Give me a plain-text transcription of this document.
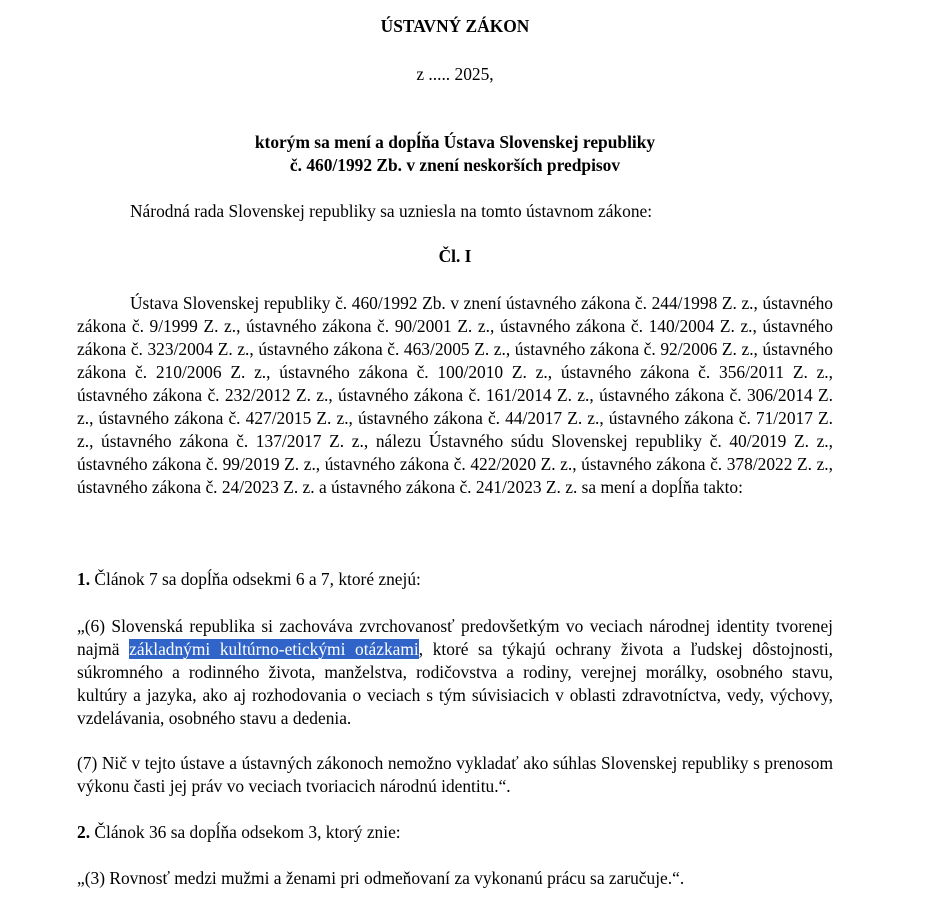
ÚSTAVNÝ ZÁKON
z ..... 2025,
ktorým sa mení a dopĺňa Ústava Slovenskej republiky
č. 460/1992 Zb. v znení neskorších predpisov
Národná rada Slovenskej republiky sa uzniesla na tomto ústavnom zákone:
Čl. I
Ústava Slovenskej republiky č. 460/1992 Zb. v znení ústavného zákona č. 244/1998 Z. z., ústavného zákona č. 9/1999 Z. z., ústavného zákona č. 90/2001 Z. z., ústavného zákona č. 140/2004 Z. z., ústavného zákona č. 323/2004 Z. z., ústavného zákona č. 463/2005 Z. z., ústavného zákona č. 92/2006 Z. z., ústavného zákona č. 210/2006 Z. z., ústavného zákona č. 100/2010 Z. z., ústavného zákona č. 356/2011 Z. z., ústavného zákona č. 232/2012 Z. z., ústavného zákona č. 161/2014 Z. z., ústavného zákona č. 306/2014 Z. z., ústavného zákona č. 427/2015 Z. z., ústavného zákona č. 44/2017 Z. z., ústavného zákona č. 71/2017 Z. z., ústavného zákona č. 137/2017 Z. z., nálezu Ústavného súdu Slovenskej republiky č. 40/2019 Z. z., ústavného zákona č. 99/2019 Z. z., ústavného zákona č. 422/2020 Z. z., ústavného zákona č. 378/2022 Z. z., ústavného zákona č. 24/2023 Z. z. a ústavného zákona č. 241/2023 Z. z. sa mení a dopĺňa takto:
1. Článok 7 sa dopĺňa odsekmi 6 a 7, ktoré znejú:
„(6) Slovenská republika si zachováva zvrchovanosť predovšetkým vo veciach národnej identity tvorenej najmä základnými kultúrno-etickými otázkami, ktoré sa týkajú ochrany života a ľudskej dôstojnosti, súkromného a rodinného života, manželstva, rodičovstva a rodiny, verejnej morálky, osobného stavu, kultúry a jazyka, ako aj rozhodovania o veciach s tým súvisiacich v oblasti zdravotníctva, vedy, výchovy, vzdelávania, osobného stavu a dedenia.
(7) Nič v tejto ústave a ústavných zákonoch nemožno vykladať ako súhlas Slovenskej republiky s prenosom výkonu časti jej práv vo veciach tvoriacich národnú identitu.“.
2. Článok 36 sa dopĺňa odsekom 3, ktorý znie:
„(3) Rovnosť medzi mužmi a ženami pri odmeňovaní za vykonanú prácu sa zaručuje.“.
